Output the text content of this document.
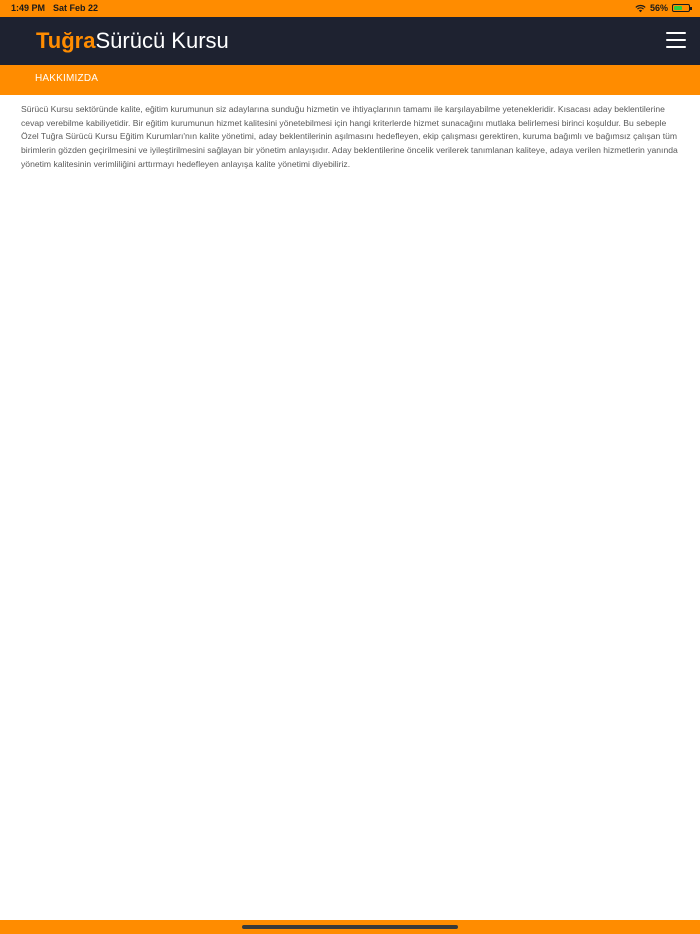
1:49 PM Sat Feb 22	56%
TuğraSürücü Kursu
HAKKIMIZDA

Sürücü Kursu sektöründe kalite, eğitim kurumunun siz adaylarına sunduğu hizmetin ve ihtiyaçlarının tamamı ile karşılayabilme yetenekleridir. Kısacası aday beklentilerine cevap verebilme kabiliyetidir. Bir eğitim kurumunun hizmet kalitesini yönetebilmesi için hangi kriterlerde hizmet sunacağını mutlaka belirlemesi birinci koşuldur. Bu sebeple Özel Tuğra Sürücü Kursu Eğitim Kurumları'nın kalite yönetimi, aday beklentilerinin aşılmasını hedefleyen, ekip çalışması gerektiren, kuruma bağımlı ve bağımsız çalışan tüm birimlerin gözden geçirilmesini ve iyileştirilmesini sağlayan bir yönetim anlayışıdır. Aday beklentilerine öncelik verilerek tanımlanan kaliteye, adaya verilen hizmetlerin yanında yönetim kalitesinin verimliliğini arttırmayı hedefleyen anlayışa kalite yönetimi diyebiliriz.
